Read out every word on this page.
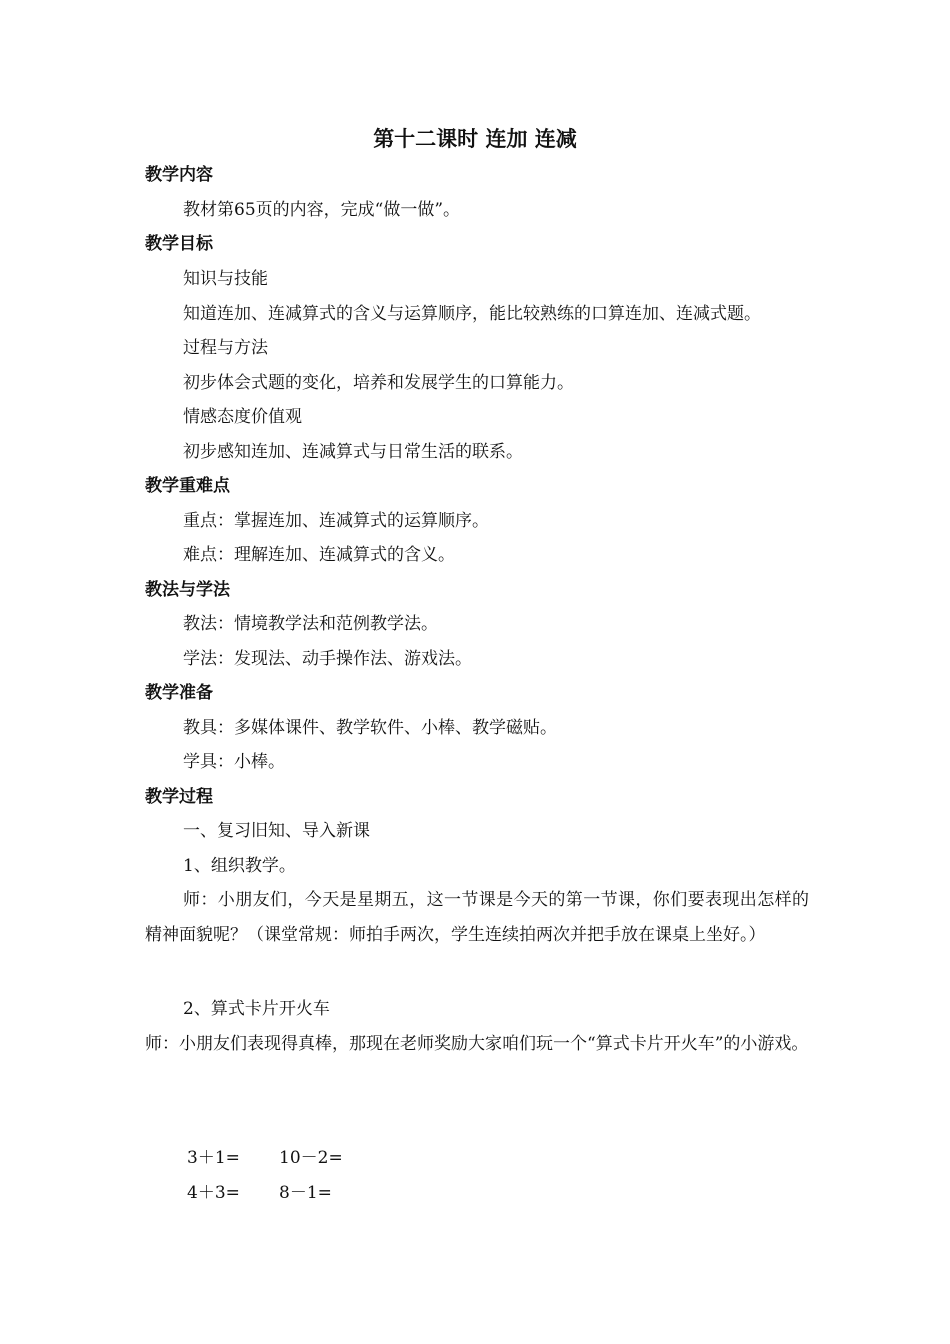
第十二课时 连加 连减
教学内容
教材第65页的内容，完成“做一做”。
教学目标
知识与技能
知道连加、连减算式的含义与运算顺序，能比较熟练的口算连加、连减式题。
过程与方法
初步体会式题的变化，培养和发展学生的口算能力。
情感态度价值观
初步感知连加、连减算式与日常生活的联系。
教学重难点
重点：掌握连加、连减算式的运算顺序。
难点：理解连加、连减算式的含义。
教法与学法
教法：情境教学法和范例教学法。
学法：发现法、动手操作法、游戏法。
教学准备
教具：多媒体课件、教学软件、小棒、教学磁贴。
学具：小棒。
教学过程
一、复习旧知、导入新课
1、组织教学。
师：小朋友们，今天是星期五，这一节课是今天的第一节课，你们要表现出怎样的精神面貌呢？（课堂常规：师拍手两次，学生连续拍两次并把手放在课桌上坐好。）
2、算式卡片开火车
师：小朋友们表现得真棒，那现在老师奖励大家咱们玩一个“算式卡片开火车”的小游戏。
3＋1= 10－2=
4＋3= 8－1=
